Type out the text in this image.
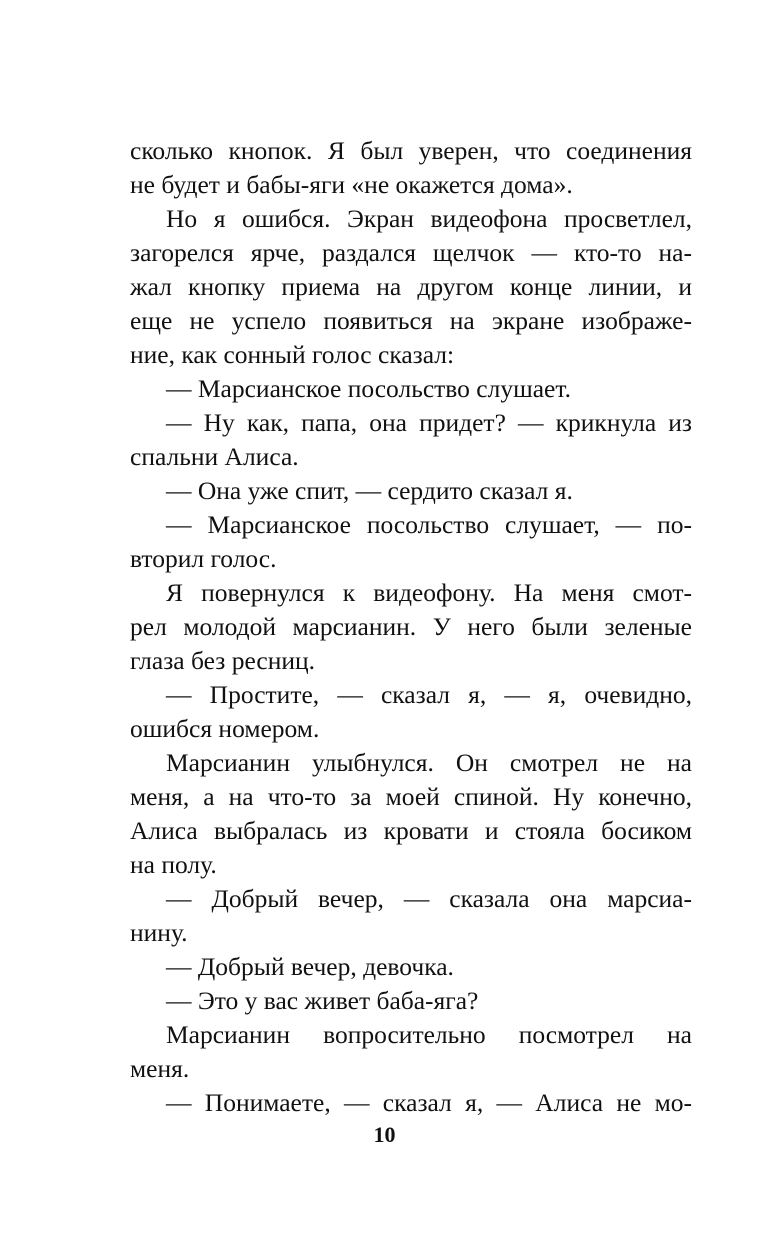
сколько кнопок. Я был уверен, что соединения
не будет и бабы-яги «не окажется дома».
Но я ошибся. Экран видеофона просветлел,
загорелся ярче, раздался щелчок — кто-то на-
жал кнопку приема на другом конце линии, и
еще не успело появиться на экране изображе-
ние, как сонный голос сказал:
— Марсианское посольство слушает.
— Ну как, папа, она придет? — крикнула из
спальни Алиса.
— Она уже спит, — сердито сказал я.
— Марсианское посольство слушает, — по-
вторил голос.
Я повернулся к видеофону. На меня смот-
рел молодой марсианин. У него были зеленые
глаза без ресниц.
— Простите, — сказал я, — я, очевидно,
ошибся номером.
Марсианин улыбнулся. Он смотрел не на
меня, а на что-то за моей спиной. Ну конечно,
Алиса выбралась из кровати и стояла босиком
на полу.
— Добрый вечер, — сказала она марсиа-
нину.
— Добрый вечер, девочка.
— Это у вас живет баба-яга?
Марсианин вопросительно посмотрел на
меня.
— Понимаете, — сказал я, — Алиса не мо-
10
